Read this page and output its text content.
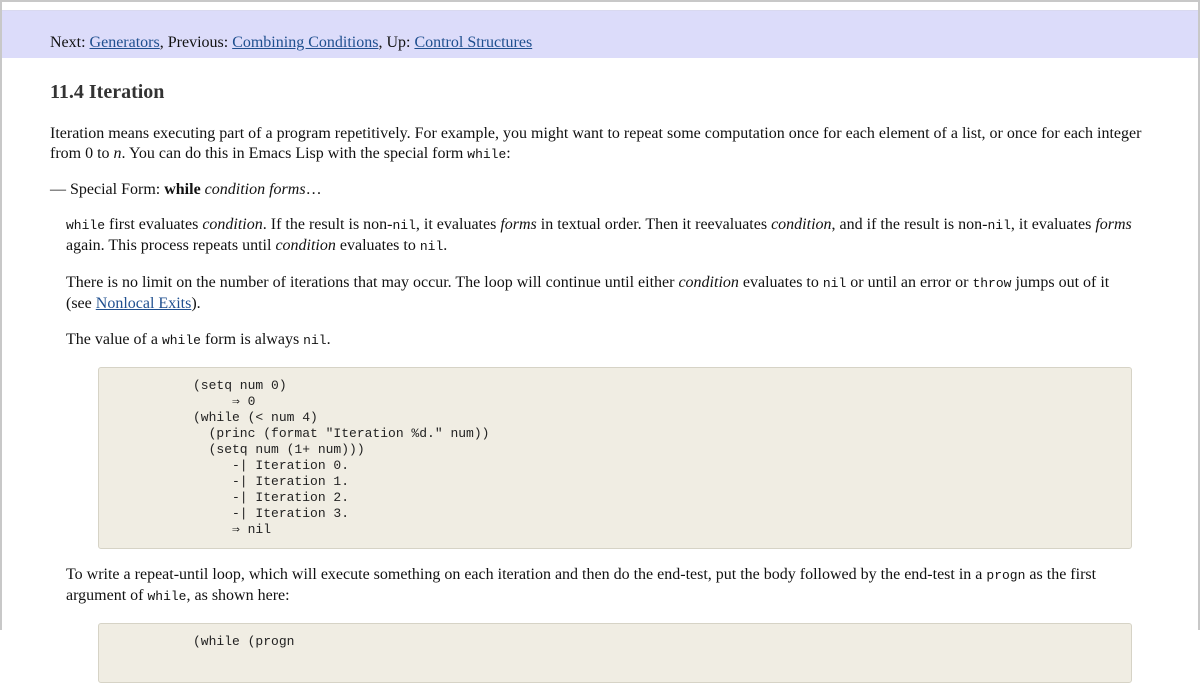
Next: Generators, Previous: Combining Conditions, Up: Control Structures
11.4 Iteration

Iteration means executing part of a program repetitively. For example, you might want to repeat some computation once for each element of a list, or once for each integer from 0 to n. You can do this in Emacs Lisp with the special form while:

— Special Form: while condition forms…

while first evaluates condition. If the result is non-nil, it evaluates forms in textual order. Then it reevaluates condition, and if the result is non-nil, it evaluates forms again. This process repeats until condition evaluates to nil.

There is no limit on the number of iterations that may occur. The loop will continue until either condition evaluates to nil or until an error or throw jumps out of it (see Nonlocal Exits).

The value of a while form is always nil.

(setq num 0)
⇒ 0
(while (< num 4)
(princ (format "Iteration %d." num))
(setq num (1+ num)))
-| Iteration 0.
-| Iteration 1.
-| Iteration 2.
-| Iteration 3.
⇒ nil

To write a repeat-until loop, which will execute something on each iteration and then do the end-test, put the body followed by the end-test in a progn as the first argument of while, as shown here:

(while (progn
